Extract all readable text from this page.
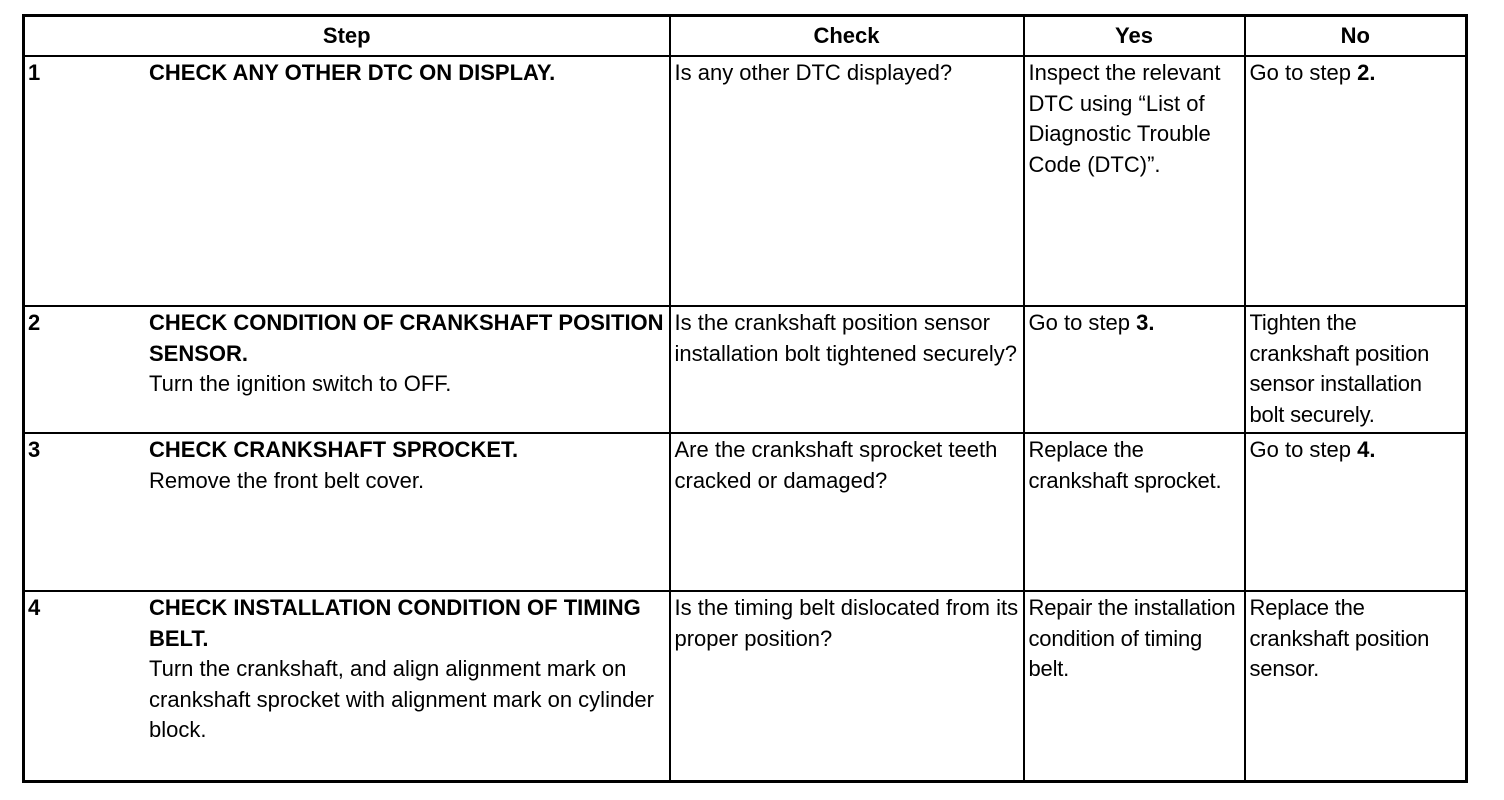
Step	Check	Yes	No

1 CHECK ANY OTHER DTC ON DISPLAY.	Is any other DTC displayed?	Inspect the relevant DTC using “List of Diagnostic Trouble Code (DTC)”.	Go to step 2.

2 CHECK CONDITION OF CRANKSHAFT POSITION SENSOR.
Turn the ignition switch to OFF.	Is the crankshaft position sensor installation bolt tightened securely?	Go to step 3.	Tighten the crankshaft position sensor installation bolt securely.

3 CHECK CRANKSHAFT SPROCKET.
Remove the front belt cover.	Are the crankshaft sprocket teeth cracked or damaged?	Replace the crankshaft sprocket.	Go to step 4.

4 CHECK INSTALLATION CONDITION OF TIMING BELT.
Turn the crankshaft, and align alignment mark on crankshaft sprocket with alignment mark on cylinder block.	Is the timing belt dislocated from its proper position?	Repair the installation condition of timing belt.	Replace the crankshaft position sensor.
